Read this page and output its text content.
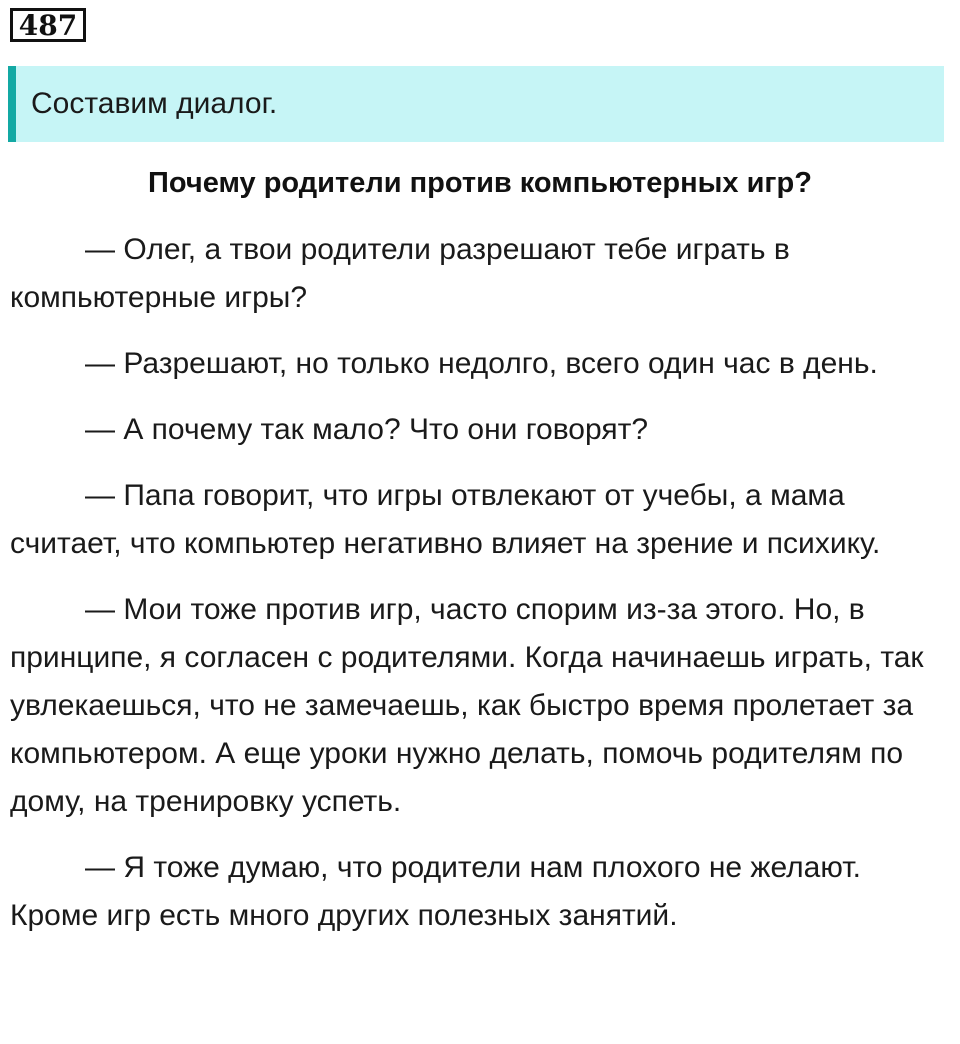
487
Составим диалог.
Почему родители против компьютерных игр?

— Олег, а твои родители разрешают тебе играть в компьютерные игры?

— Разрешают, но только недолго, всего один час в день.

— А почему так мало? Что они говорят?

— Папа говорит, что игры отвлекают от учебы, а мама считает, что компьютер негативно влияет на зрение и психику.

— Мои тоже против игр, часто спорим из-за этого. Но, в принципе, я согласен с родителями. Когда начинаешь играть, так увлекаешься, что не замечаешь, как быстро время пролетает за компьютером. А еще уроки нужно делать, помочь родителям по дому, на тренировку успеть.

— Я тоже думаю, что родители нам плохого не желают. Кроме игр есть много других полезных занятий.
